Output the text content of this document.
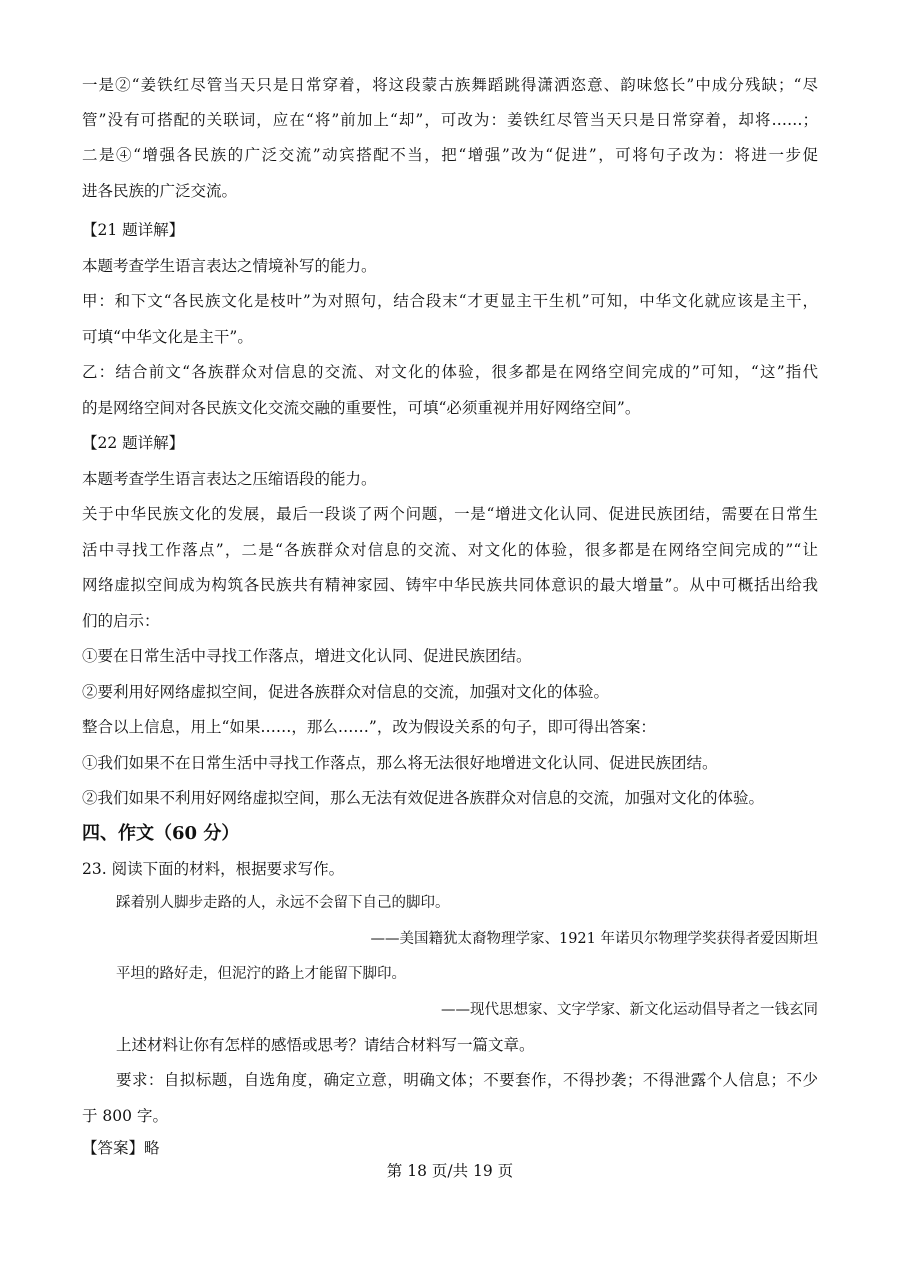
一是②“姜铁红尽管当天只是日常穿着，将这段蒙古族舞蹈跳得潇洒恣意、韵味悠长”中成分残缺；“尽
管”没有可搭配的关联词，应在“将”前加上“却”，可改为：姜铁红尽管当天只是日常穿着，却将……；
二是④“增强各民族的广泛交流”动宾搭配不当，把“增强”改为“促进”，可将句子改为：将进一步促
进各民族的广泛交流。
【21 题详解】
本题考查学生语言表达之情境补写的能力。
甲：和下文“各民族文化是枝叶”为对照句，结合段末“才更显主干生机”可知，中华文化就应该是主干，
可填“中华文化是主干”。
乙：结合前文“各族群众对信息的交流、对文化的体验，很多都是在网络空间完成的”可知，“这”指代
的是网络空间对各民族文化交流交融的重要性，可填“必须重视并用好网络空间”。
【22 题详解】
本题考查学生语言表达之压缩语段的能力。
关于中华民族文化的发展，最后一段谈了两个问题，一是“增进文化认同、促进民族团结，需要在日常生
活中寻找工作落点”，二是“各族群众对信息的交流、对文化的体验，很多都是在网络空间完成的”“让
网络虚拟空间成为构筑各民族共有精神家园、铸牢中华民族共同体意识的最大增量”。从中可概括出给我
们的启示：
①要在日常生活中寻找工作落点，增进文化认同、促进民族团结。
②要利用好网络虚拟空间，促进各族群众对信息的交流，加强对文化的体验。
整合以上信息，用上“如果……，那么……”，改为假设关系的句子，即可得出答案：
①我们如果不在日常生活中寻找工作落点，那么将无法很好地增进文化认同、促进民族团结。
②我们如果不利用好网络虚拟空间，那么无法有效促进各族群众对信息的交流，加强对文化的体验。
四、作文（60 分）
23. 阅读下面的材料，根据要求写作。
踩着别人脚步走路的人，永远不会留下自己的脚印。
——美国籍犹太裔物理学家、1921 年诺贝尔物理学奖获得者爱因斯坦
平坦的路好走，但泥泞的路上才能留下脚印。
——现代思想家、文字学家、新文化运动倡导者之一钱玄同
上述材料让你有怎样的感悟或思考？请结合材料写一篇文章。
要求：自拟标题，自选角度，确定立意，明确文体；不要套作，不得抄袭；不得泄露个人信息；不少
于 800 字。
【答案】略
第 18 页/共 19 页
